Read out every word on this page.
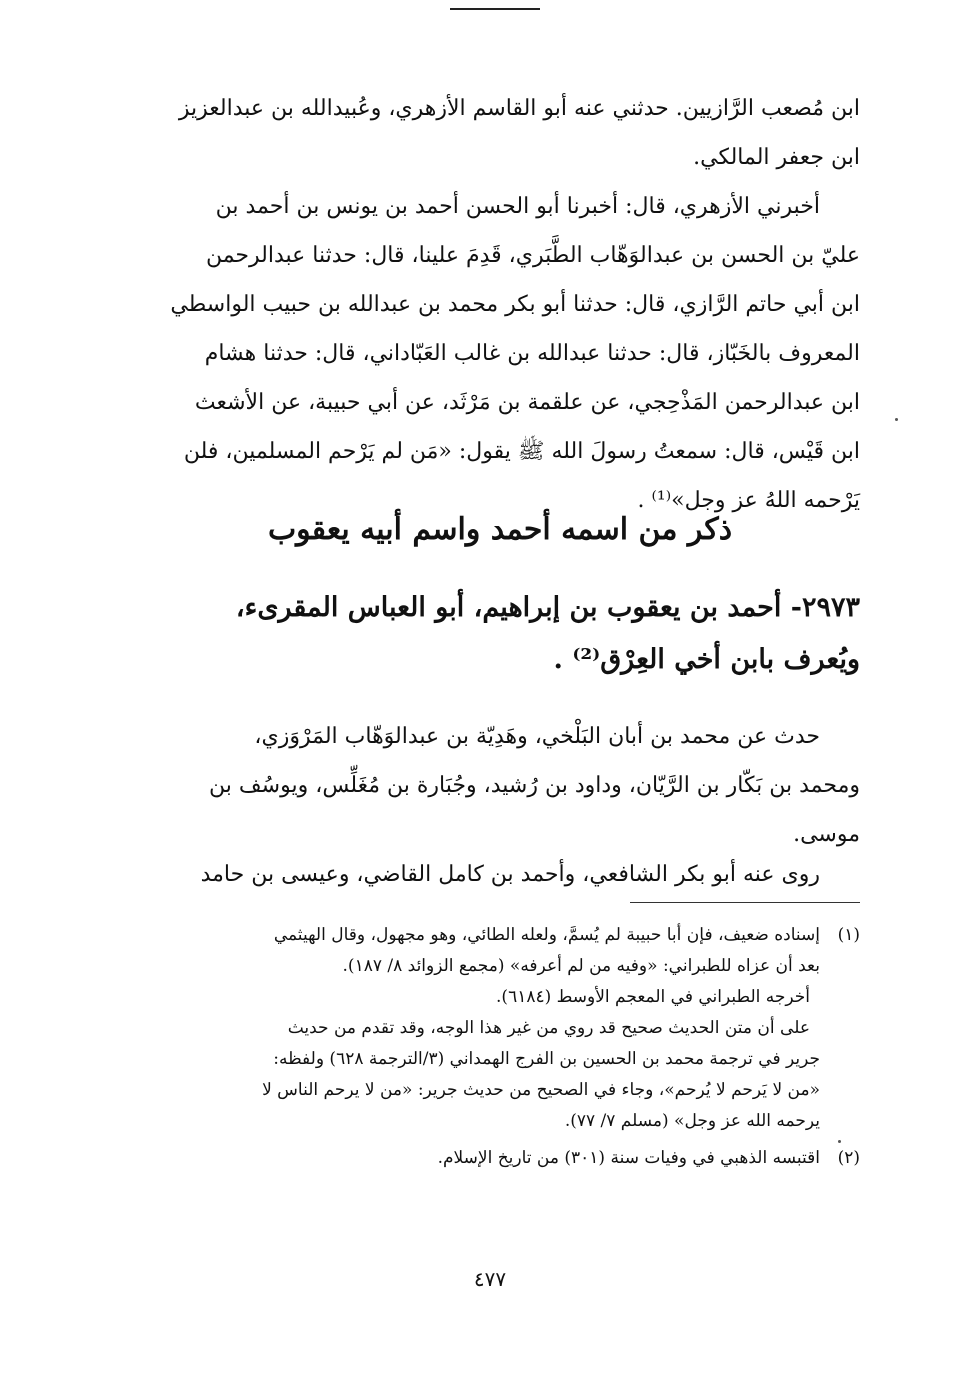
ابن مُصعب الرَّازيين. حدثني عنه أبو القاسم الأزهري، وعُبيدالله بن عبدالعزيز

ابن جعفر المالكي.

أخبرني الأزهري، قال: أخبرنا أبو الحسن أحمد بن يونس بن أحمد بن

عليّ بن الحسن بن عبدالوَهّاب الطَّبَري، قَدِمَ علينا، قال: حدثنا عبدالرحمن

ابن أبي حاتم الرَّازي، قال: حدثنا أبو بكر محمد بن عبدالله بن حبيب الواسطي

المعروف بالخَبّاز، قال: حدثنا عبدالله بن غالب العَبّاداني، قال: حدثنا هشام

ابن عبدالرحمن المَذْحِجي، عن علقمة بن مَرْثَد، عن أبي حبيبة، عن الأشعث

ابن قَيْس، قال: سمعتُ رسولَ الله ﷺ يقول: «مَن لم يَرْحم المسلمين، فلن

يَرْحمه اللهُ عز وجل»⁽¹⁾ .

ذكر من اسمه أحمد واسم أبيه يعقوب
٢٩٧٣- أحمد بن يعقوب بن إبراهيم، أبو العباس المقرىء،
ويُعرف بابن أخي العِرْق⁽²⁾ .

حدث عن محمد بن أبان البَلْخي، وهَدِيّة بن عبدالوَهّاب المَرْوَزي،

ومحمد بن بَكّار بن الرَّيّان، وداود بن رُشيد، وجُبَارة بن مُغَلِّس، ويوسُف بن

موسى.

روى عنه أبو بكر الشافعي، وأحمد بن كامل القاضي، وعيسى بن حامد

(١)
إسناده ضعيف، فإن أبا حبيبة لم يُسمَّ، ولعله الطائي، وهو مجهول، وقال الهيثمي
بعد أن عزاه للطبراني: «وفيه من لم أعرفه» (مجمع الزوائد ٨/ ١٨٧).
أخرجه الطبراني في المعجم الأوسط (٦١٨٤).
على أن متن الحديث صحيح قد روي من غير هذا الوجه، وقد تقدم من حديث
جرير في ترجمة محمد بن الحسين بن الفرج الهمداني (٣/الترجمة ٦٢٨) ولفظه:
«من لا يَرحم لا يُرحم»، وجاء في الصحيح من حديث جرير: «من لا يرحم الناس لا
يرحمه الله عز وجل» (مسلم ٧/ ٧٧).
(٢)
اقتبسه الذهبي في وفيات سنة (٣٠١) من تاريخ الإسلام.
٤٧٧
